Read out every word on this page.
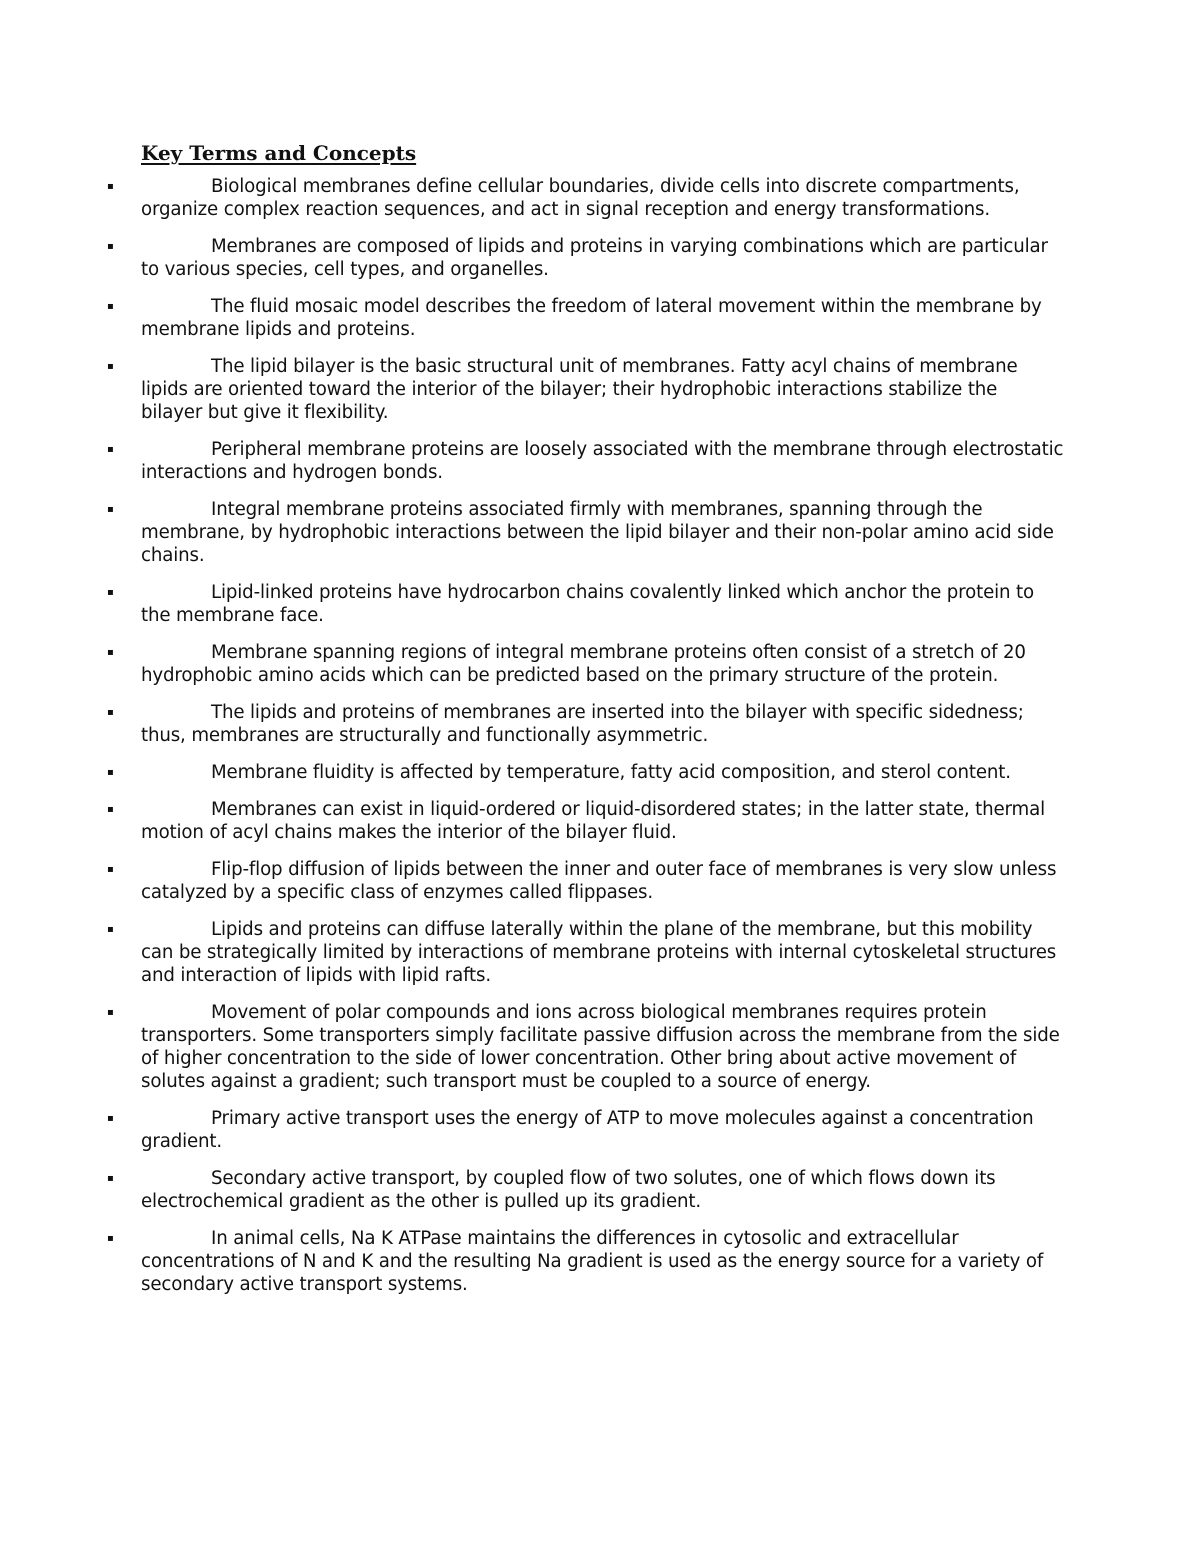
Key Terms and Concepts
▪	Biological membranes define cellular boundaries, divide cells into discrete compartments, organize complex reaction sequences, and act in signal reception and energy transformations.
▪	Membranes are composed of lipids and proteins in varying combinations which are particular to various species, cell types, and organelles.
▪	The fluid mosaic model describes the freedom of lateral movement within the membrane by membrane lipids and proteins.
▪	The lipid bilayer is the basic structural unit of membranes. Fatty acyl chains of membrane lipids are oriented toward the interior of the bilayer; their hydrophobic interactions stabilize the bilayer but give it flexibility.
▪	Peripheral membrane proteins are loosely associated with the membrane through electrostatic interactions and hydrogen bonds.
▪	Integral membrane proteins associated firmly with membranes, spanning through the membrane, by hydrophobic interactions between the lipid bilayer and their non-polar amino acid side chains.
▪	Lipid-linked proteins have hydrocarbon chains covalently linked which anchor the protein to the membrane face.
▪	Membrane spanning regions of integral membrane proteins often consist of a stretch of 20 hydrophobic amino acids which can be predicted based on the primary structure of the protein.
▪	The lipids and proteins of membranes are inserted into the bilayer with specific sidedness; thus, membranes are structurally and functionally asymmetric.
▪	Membrane fluidity is affected by temperature, fatty acid composition, and sterol content.
▪	Membranes can exist in liquid-ordered or liquid-disordered states; in the latter state, thermal motion of acyl chains makes the interior of the bilayer fluid.
▪	Flip-flop diffusion of lipids between the inner and outer face of membranes is very slow unless catalyzed by a specific class of enzymes called flippases.
▪	Lipids and proteins can diffuse laterally within the plane of the membrane, but this mobility can be strategically limited by interactions of membrane proteins with internal cytoskeletal structures and interaction of lipids with lipid rafts.
▪	Movement of polar compounds and ions across biological membranes requires protein transporters. Some transporters simply facilitate passive diffusion across the membrane from the side of higher concentration to the side of lower concentration. Other bring about active movement of solutes against a gradient; such transport must be coupled to a source of energy.
▪	Primary active transport uses the energy of ATP to move molecules against a concentration gradient.
▪	Secondary active transport, by coupled flow of two solutes, one of which flows down its electrochemical gradient as the other is pulled up its gradient.
▪	In animal cells, Na K ATPase maintains the differences in cytosolic and extracellular concentrations of N and K and the resulting Na gradient is used as the energy source for a variety of secondary active transport systems.
